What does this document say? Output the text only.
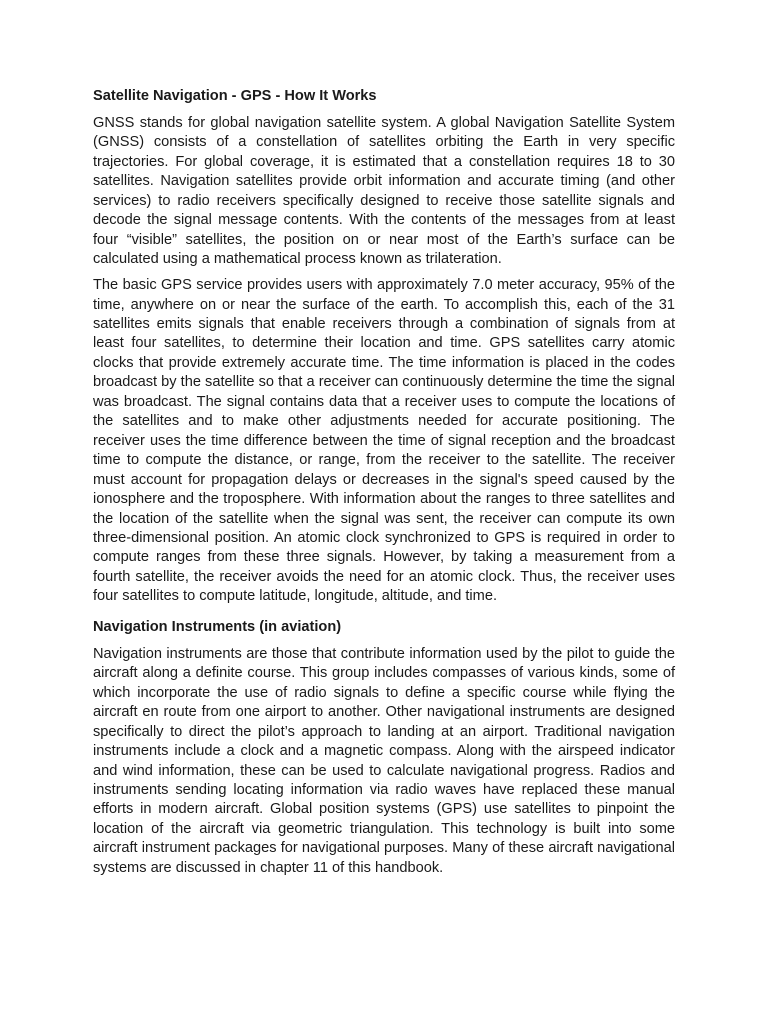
Satellite Navigation - GPS - How It Works

GNSS stands for global navigation satellite system. A global Navigation Satellite System (GNSS) consists of a constellation of satellites orbiting the Earth in very specific trajectories. For global coverage, it is estimated that a constellation requires 18 to 30 satellites. Navigation satellites provide orbit information and accurate timing (and other services) to radio receivers specifically designed to receive those satellite signals and decode the signal message contents. With the contents of the messages from at least four “visible” satellites, the position on or near most of the Earth’s surface can be calculated using a mathematical process known as trilateration.

The basic GPS service provides users with approximately 7.0 meter accuracy, 95% of the time, anywhere on or near the surface of the earth. To accomplish this, each of the 31 satellites emits signals that enable receivers through a combination of signals from at least four satellites, to determine their location and time. GPS satellites carry atomic clocks that provide extremely accurate time. The time information is placed in the codes broadcast by the satellite so that a receiver can continuously determine the time the signal was broadcast. The signal contains data that a receiver uses to compute the locations of the satellites and to make other adjustments needed for accurate positioning. The receiver uses the time difference between the time of signal reception and the broadcast time to compute the distance, or range, from the receiver to the satellite. The receiver must account for propagation delays or decreases in the signal's speed caused by the ionosphere and the troposphere. With information about the ranges to three satellites and the location of the satellite when the signal was sent, the receiver can compute its own three-dimensional position. An atomic clock synchronized to GPS is required in order to compute ranges from these three signals. However, by taking a measurement from a fourth satellite, the receiver avoids the need for an atomic clock. Thus, the receiver uses four satellites to compute latitude, longitude, altitude, and time.

Navigation Instruments (in aviation)

Navigation instruments are those that contribute information used by the pilot to guide the aircraft along a definite course. This group includes compasses of various kinds, some of which incorporate the use of radio signals to define a specific course while flying the aircraft en route from one airport to another. Other navigational instruments are designed specifically to direct the pilot’s approach to landing at an airport. Traditional navigation instruments include a clock and a magnetic compass. Along with the airspeed indicator and wind information, these can be used to calculate navigational progress. Radios and instruments sending locating information via radio waves have replaced these manual efforts in modern aircraft. Global position systems (GPS) use satellites to pinpoint the location of the aircraft via geometric triangulation. This technology is built into some aircraft instrument packages for navigational purposes. Many of these aircraft navigational systems are discussed in chapter 11 of this handbook.
